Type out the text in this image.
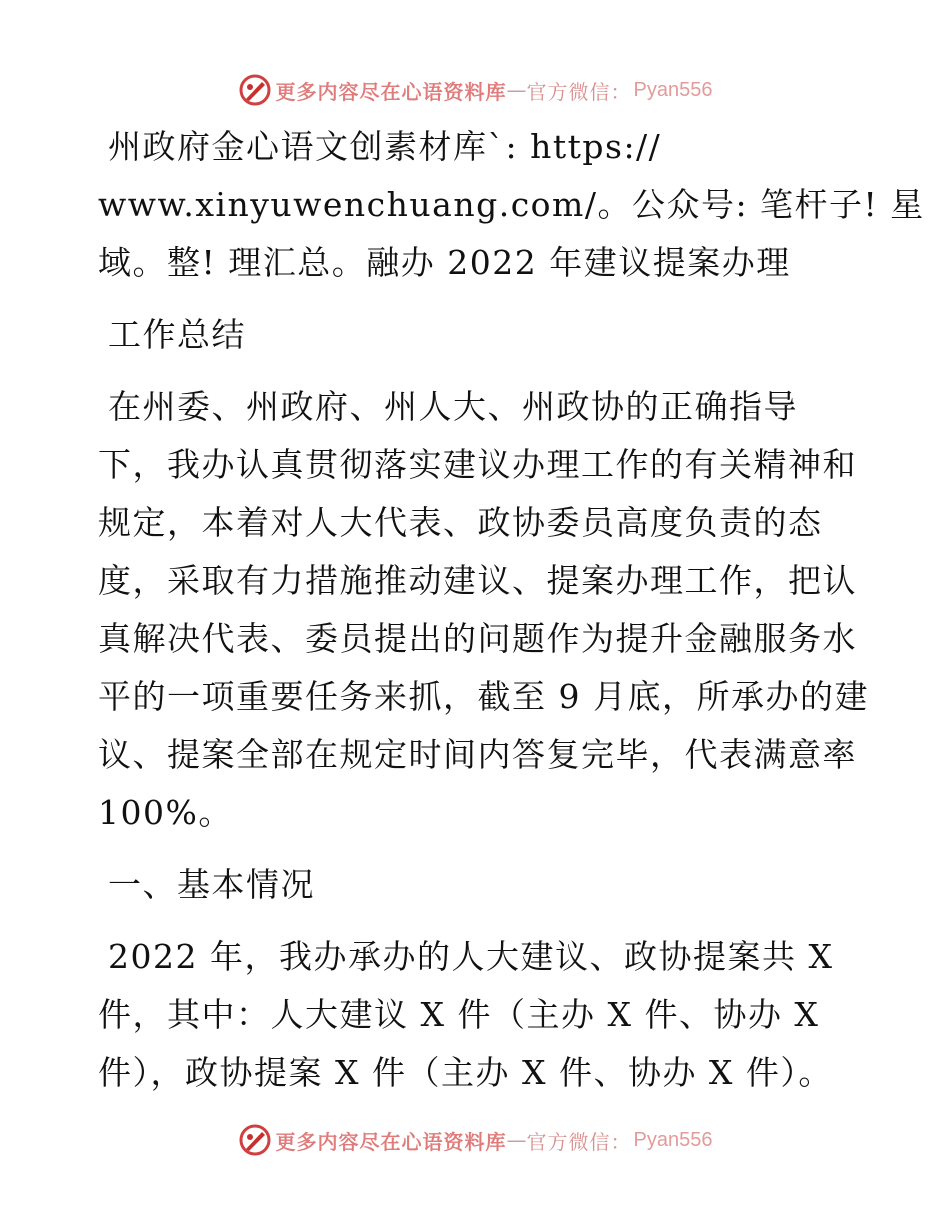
更多内容尽在心语资料库 — 官方微信： Pyan556
州政府金心语文创素材库`: https://
www.xinyuwenchuang.com/。公众号: 笔杆子! 星
域。整! 理汇总。融办 2022 年建议提案办理
工作总结
在州委、州政府、州人大、州政协的正确指导
下，我办认真贯彻落实建议办理工作的有关精神和
规定，本着对人大代表、政协委员高度负责的态
度，采取有力措施推动建议、提案办理工作，把认
真解决代表、委员提出的问题作为提升金融服务水
平的一项重要任务来抓，截至 9 月底，所承办的建
议、提案全部在规定时间内答复完毕，代表满意率
100%。
一、基本情况
2022 年，我办承办的人大建议、政协提案共 X
件，其中：人大建议 X 件（主办 X 件、协办 X
件），政协提案 X 件（主办 X 件、协办 X 件）。
更多内容尽在心语资料库 — 官方微信： Pyan556
